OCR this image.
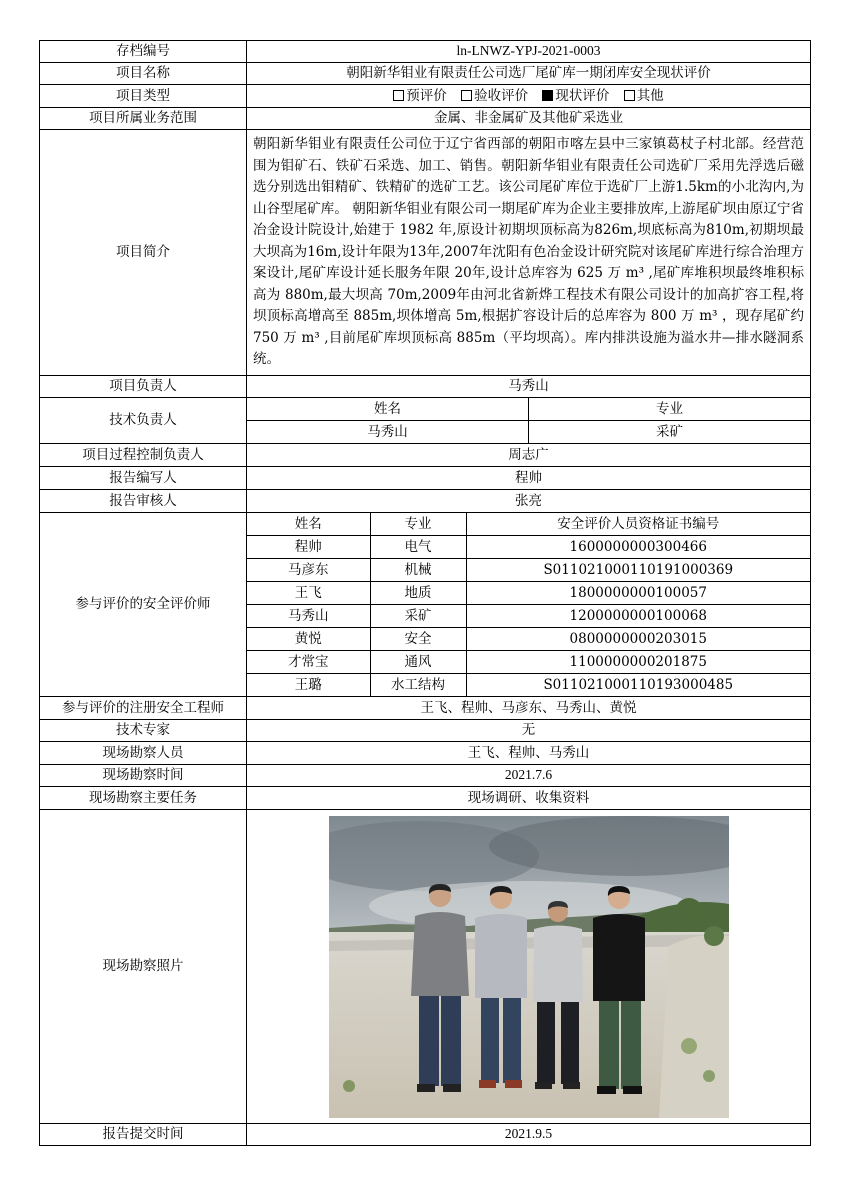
存档编号	ln-LNWZ-YPJ-2021-0003
项目名称	朝阳新华钼业有限责任公司选厂尾矿库一期闭库安全现状评价
项目类型	预评价 验收评价 现状评价 其他
项目所属业务范围	金属、非金属矿及其他矿采选业
项目简介	朝阳新华钼业有限责任公司位于辽宁省西部的朝阳市喀左县中三家镇葛杖子村北部。经营范围为钼矿石、铁矿石采选、加工、销售。朝阳新华钼业有限责任公司选矿厂采用先浮选后磁选分别选出钼精矿、铁精矿的选矿工艺。该公司尾矿库位于选矿厂上游1.5km的小北沟内,为山谷型尾矿库。 朝阳新华钼业有限公司一期尾矿库为企业主要排放库,上游尾矿坝由原辽宁省冶金设计院设计,始建于 1982 年,原设计初期坝顶标高为826m,坝底标高为810m,初期坝最大坝高为16m,设计年限为13年,2007年沈阳有色冶金设计研究院对该尾矿库进行综合治理方案设计,尾矿库设计延长服务年限 20年,设计总库容为 625 万 m³ ,尾矿库堆积坝最终堆积标高为 880m,最大坝高 70m,2009年由河北省新烨工程技术有限公司设计的加高扩容工程,将坝顶标高增高至 885m,坝体增高 5m,根据扩容设计后的总库容为 800 万 m³ ，现存尾矿约 750 万 m³ ,目前尾矿库坝顶标高 885m（平均坝高）。库内排洪设施为溢水井—排水隧洞系统。
项目负责人	马秀山
技术负责人	
姓名	专业
马秀山	采矿

项目过程控制负责人	周志广
报告编写人	程帅
报告审核人	张亮
参与评价的安全评价师	
姓名	专业	安全评价人员资格证书编号
程帅	电气	1600000000300466
马彦东	机械	S011021000110191000369
王飞	地质	1800000000100057
马秀山	采矿	1200000000100068
黄悦	安全	0800000000203015
才常宝	通风	1100000000201875
王璐	水工结构	S011021000110193000485

参与评价的注册安全工程师	王飞、程帅、马彦东、马秀山、黄悦
技术专家	无
现场勘察人员	王飞、程帅、马秀山
现场勘察时间	2021.7.6
现场勘察主要任务	现场调研、收集资料
现场勘察照片	

报告提交时间	2021.9.5
